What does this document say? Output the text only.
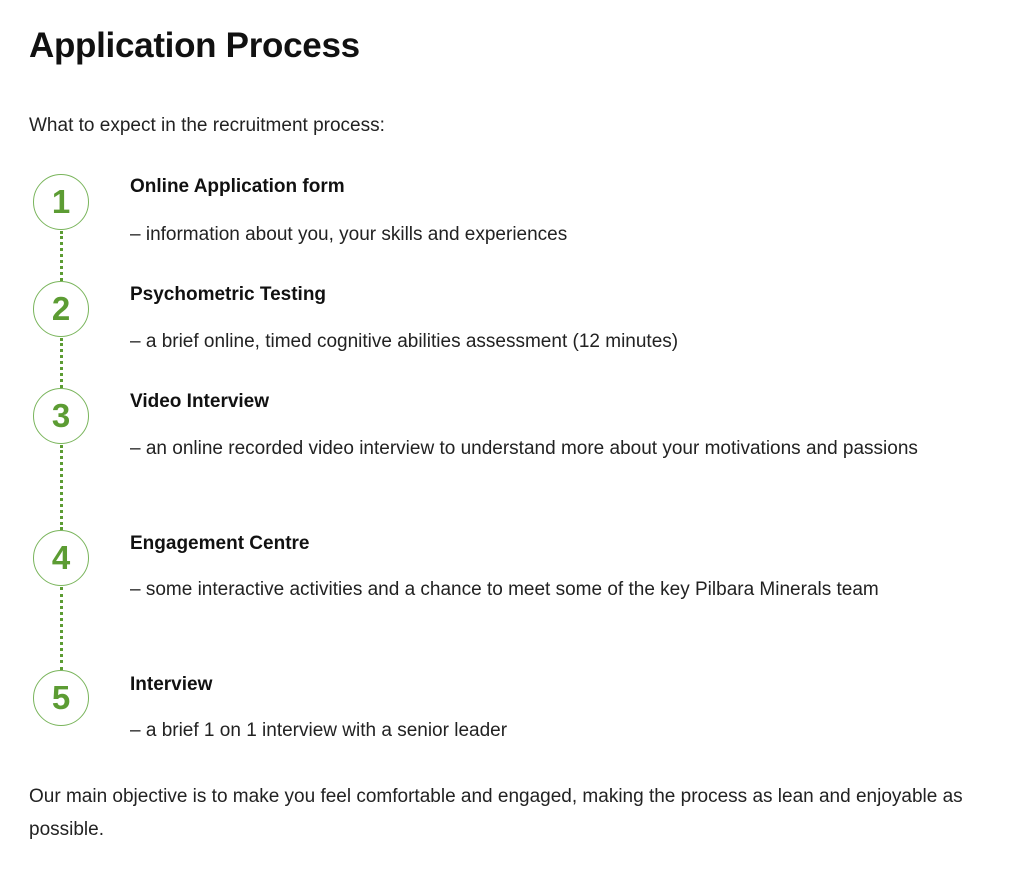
Application Process

What to expect in the recruitment process:

1	Online Application form

– information about you, your skills and experiences

2	Psychometric Testing

– a brief online, timed cognitive abilities assessment (12 minutes)

3	Video Interview

– an online recorded video interview to understand more about your motivations and passions

4	Engagement Centre

– some interactive activities and a chance to meet some of the key Pilbara Minerals team

5	Interview

– a brief 1 on 1 interview with a senior leader

Our main objective is to make you feel comfortable and engaged, making the process as lean and enjoyable as possible.
